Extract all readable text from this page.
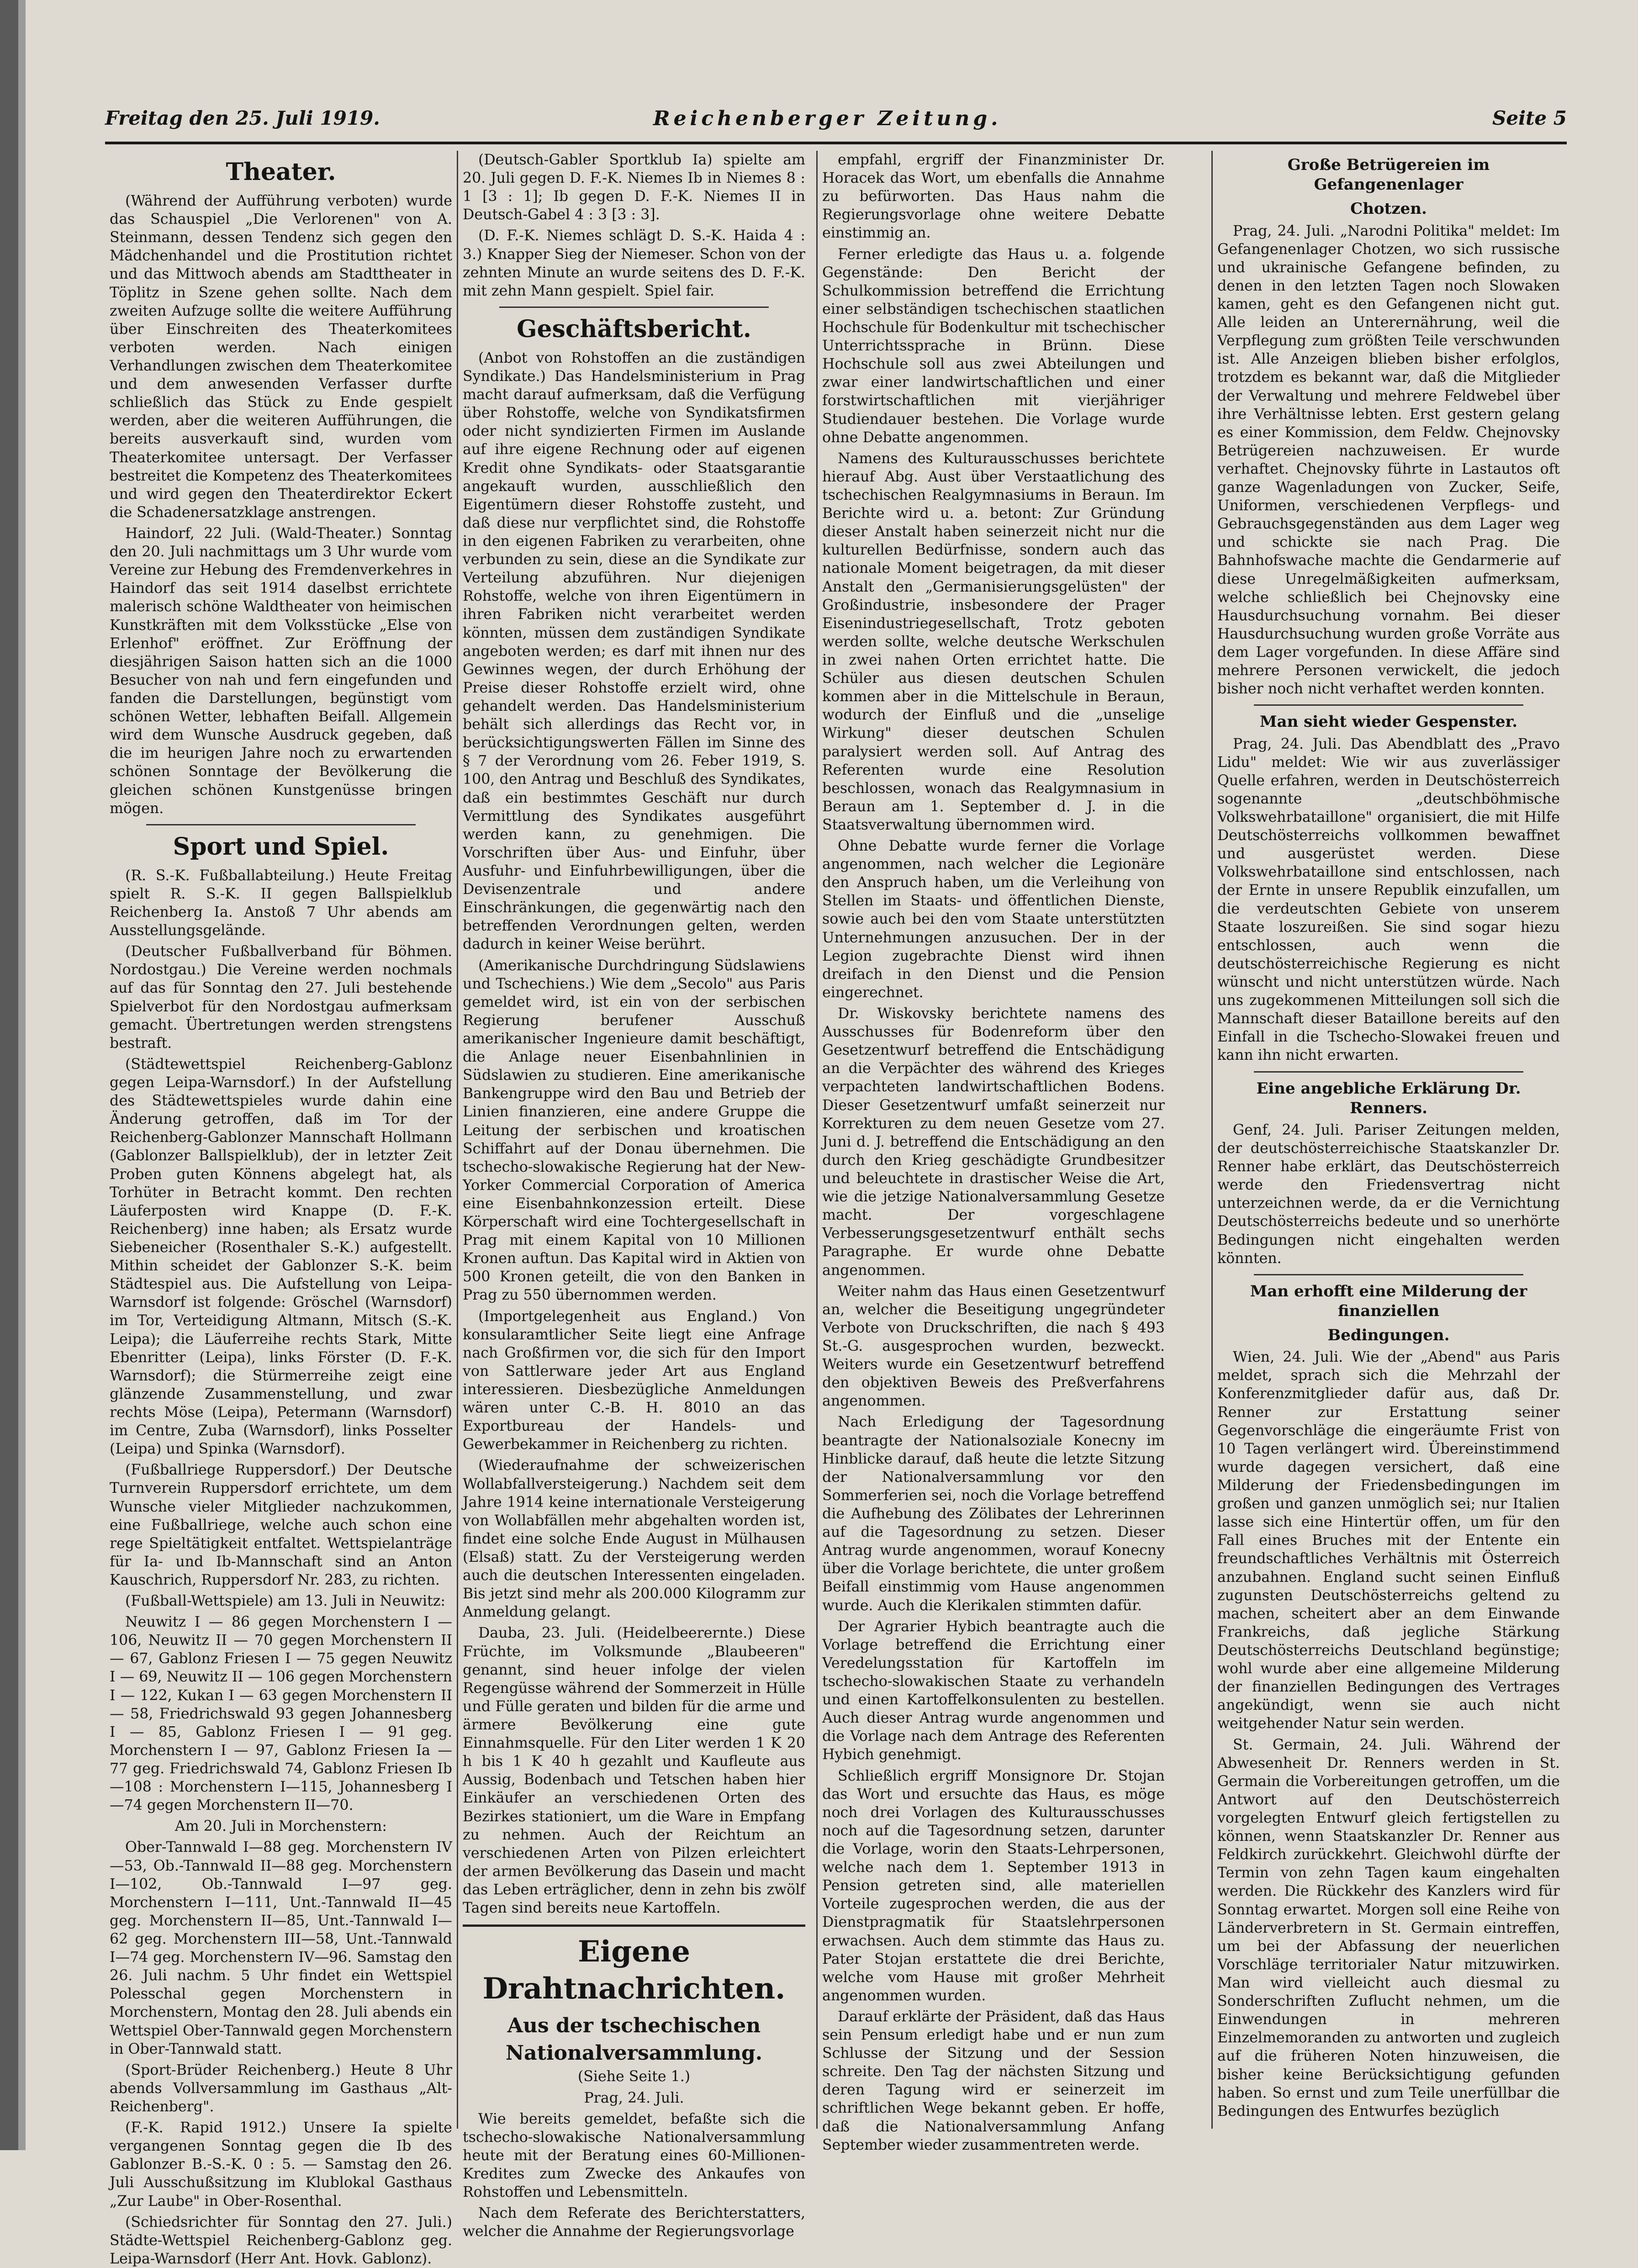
Freitag den 25. Juli 1919.	Reichenberger Zeitung.	Seite 5
Theater.

(Während der Aufführung verboten) wurde das Schauspiel „Die Verlorenen" von A. Steinmann, dessen Tendenz sich gegen den Mädchenhandel und die Prostitution richtet und das Mittwoch abends am Stadttheater in Töplitz in Szene gehen sollte. Nach dem zweiten Aufzuge sollte die weitere Aufführung über Einschreiten des Theaterkomitees verboten werden. Nach einigen Verhandlungen zwischen dem Theaterkomitee und dem anwesenden Verfasser durfte schließlich das Stück zu Ende gespielt werden, aber die weiteren Aufführungen, die bereits ausverkauft sind, wurden vom Theaterkomitee untersagt. Der Verfasser bestreitet die Kompetenz des Theaterkomitees und wird gegen den Theaterdirektor Eckert die Schadenersatzklage anstrengen.

Haindorf, 22 Juli. (Wald-Theater.) Sonntag den 20. Juli nachmittags um 3 Uhr wurde vom Vereine zur Hebung des Fremdenverkehres in Haindorf das seit 1914 daselbst errichtete malerisch schöne Waldtheater von heimischen Kunstkräften mit dem Volksstücke „Else von Erlenhof" eröffnet. Zur Eröffnung der diesjährigen Saison hatten sich an die 1000 Besucher von nah und fern eingefunden und fanden die Darstellungen, begünstigt vom schönen Wetter, lebhaften Beifall. Allgemein wird dem Wunsche Ausdruck gegeben, daß die im heurigen Jahre noch zu erwartenden schönen Sonntage der Bevölkerung die gleichen schönen Kunstgenüsse bringen mögen.

Sport und Spiel.

(R. S.-K. Fußballabteilung.) Heute Freitag spielt R. S.-K. II gegen Ballspielklub Reichenberg Ia. Anstoß 7 Uhr abends am Ausstellungsgelände.

(Deutscher Fußballverband für Böhmen. Nordostgau.) Die Vereine werden nochmals auf das für Sonntag den 27. Juli bestehende Spielverbot für den Nordostgau aufmerksam gemacht. Übertretungen werden strengstens bestraft.

(Städtewettspiel Reichenberg-Gablonz gegen Leipa-Warnsdorf.) In der Aufstellung des Städtewettspieles wurde dahin eine Änderung getroffen, daß im Tor der Reichenberg-Gablonzer Mannschaft Hollmann (Gablonzer Ballspielklub), der in letzter Zeit Proben guten Könnens abgelegt hat, als Torhüter in Betracht kommt. Den rechten Läuferposten wird Knappe (D. F.-K. Reichenberg) inne haben; als Ersatz wurde Siebeneicher (Rosenthaler S.-K.) aufgestellt. Mithin scheidet der Gablonzer S.-K. beim Städtespiel aus. Die Aufstellung von Leipa-Warnsdorf ist folgende: Gröschel (Warnsdorf) im Tor, Verteidigung Altmann, Mitsch (S.-K. Leipa); die Läuferreihe rechts Stark, Mitte Ebenritter (Leipa), links Förster (D. F.-K. Warnsdorf); die Stürmerreihe zeigt eine glänzende Zusammenstellung, und zwar rechts Möse (Leipa), Petermann (Warnsdorf) im Centre, Zuba (Warnsdorf), links Posselter (Leipa) und Spinka (Warnsdorf).

(Fußballriege Ruppersdorf.) Der Deutsche Turnverein Ruppersdorf errichtete, um dem Wunsche vieler Mitglieder nachzukommen, eine Fußballriege, welche auch schon eine rege Spieltätigkeit entfaltet. Wettspielanträge für Ia- und Ib-Mannschaft sind an Anton Kauschrich, Ruppersdorf Nr. 283, zu richten.

(Fußball-Wettspiele) am 13. Juli in Neuwitz:

Neuwitz I — 86 gegen Morchenstern I — 106, Neuwitz II — 70 gegen Morchenstern II — 67, Gablonz Friesen I — 75 gegen Neuwitz I — 69, Neuwitz II — 106 gegen Morchenstern I — 122, Kukan I — 63 gegen Morchenstern II — 58, Friedrichswald 93 gegen Johannesberg I — 85, Gablonz Friesen I — 91 geg. Morchenstern I — 97, Gablonz Friesen Ia — 77 geg. Friedrichswald 74, Gablonz Friesen Ib—108 : Morchenstern I—115, Johannesberg I—74 gegen Morchenstern II—70.

Am 20. Juli in Morchenstern:

Ober-Tannwald I—88 geg. Morchenstern IV—53, Ob.-Tannwald II—88 geg. Morchenstern I—102, Ob.-Tannwald I—97 geg. Morchenstern I—111, Unt.-Tannwald II—45 geg. Morchenstern II—85, Unt.-Tannwald I—62 geg. Morchenstern III—58, Unt.-Tannwald I—74 geg. Morchenstern IV—96. Samstag den 26. Juli nachm. 5 Uhr findet ein Wettspiel Polesschal gegen Morchenstern in Morchenstern, Montag den 28. Juli abends ein Wettspiel Ober-Tannwald gegen Morchenstern in Ober-Tannwald statt.

(Sport-Brüder Reichenberg.) Heute 8 Uhr abends Vollversammlung im Gasthaus „Alt-Reichenberg".

(F.-K. Rapid 1912.) Unsere Ia spielte vergangenen Sonntag gegen die Ib des Gablonzer B.-S.-K. 0 : 5. — Samstag den 26. Juli Ausschußsitzung im Klublokal Gasthaus „Zur Laube" in Ober-Rosenthal.

(Schiedsrichter für Sonntag den 27. Juli.) Städte-Wettspiel Reichenberg-Gablonz geg. Leipa-Warnsdorf (Herr Ant. Hovk. Gablonz).

(Deutsch-Gabler Sportklub Ia) spielte am 20. Juli gegen D. F.-K. Niemes Ib in Niemes 8 : 1 [3 : 1]; Ib gegen D. F.-K. Niemes II in Deutsch-Gabel 4 : 3 [3 : 3].

(D. F.-K. Niemes schlägt D. S.-K. Haida 4 : 3.) Knapper Sieg der Niemeser. Schon von der zehnten Minute an wurde seitens des D. F.-K. mit zehn Mann gespielt. Spiel fair.

Geschäftsbericht.

(Anbot von Rohstoffen an die zuständigen Syndikate.) Das Handelsministerium in Prag macht darauf aufmerksam, daß die Verfügung über Rohstoffe, welche von Syndikatsfirmen oder nicht syndizierten Firmen im Auslande auf ihre eigene Rechnung oder auf eigenen Kredit ohne Syndikats- oder Staatsgarantie angekauft wurden, ausschließlich den Eigentümern dieser Rohstoffe zusteht, und daß diese nur verpflichtet sind, die Rohstoffe in den eigenen Fabriken zu verarbeiten, ohne verbunden zu sein, diese an die Syndikate zur Verteilung abzuführen. Nur diejenigen Rohstoffe, welche von ihren Eigentümern in ihren Fabriken nicht verarbeitet werden könnten, müssen dem zuständigen Syndikate angeboten werden; es darf mit ihnen nur des Gewinnes wegen, der durch Erhöhung der Preise dieser Rohstoffe erzielt wird, ohne gehandelt werden. Das Handelsministerium behält sich allerdings das Recht vor, in berücksichtigungswerten Fällen im Sinne des § 7 der Verordnung vom 26. Feber 1919, S. 100, den Antrag und Beschluß des Syndikates, daß ein bestimmtes Geschäft nur durch Vermittlung des Syndikates ausgeführt werden kann, zu genehmigen. Die Vorschriften über Aus- und Einfuhr, über Ausfuhr- und Einfuhrbewilligungen, über die Devisenzentrale und andere Einschränkungen, die gegenwärtig nach den betreffenden Verordnungen gelten, werden dadurch in keiner Weise berührt.

(Amerikanische Durchdringung Südslawiens und Tschechiens.) Wie dem „Secolo" aus Paris gemeldet wird, ist ein von der serbischen Regierung berufener Ausschuß amerikanischer Ingenieure damit beschäftigt, die Anlage neuer Eisenbahnlinien in Südslawien zu studieren. Eine amerikanische Bankengruppe wird den Bau und Betrieb der Linien finanzieren, eine andere Gruppe die Leitung der serbischen und kroatischen Schiffahrt auf der Donau übernehmen. Die tschecho-slowakische Regierung hat der New-Yorker Commercial Corporation of America eine Eisenbahnkonzession erteilt. Diese Körperschaft wird eine Tochtergesellschaft in Prag mit einem Kapital von 10 Millionen Kronen auftun. Das Kapital wird in Aktien von 500 Kronen geteilt, die von den Banken in Prag zu 550 übernommen werden.

(Importgelegenheit aus England.) Von konsularamtlicher Seite liegt eine Anfrage nach Großfirmen vor, die sich für den Import von Sattlerware jeder Art aus England interessieren. Diesbezügliche Anmeldungen wären unter C.-B. H. 8010 an das Exportbureau der Handels- und Gewerbekammer in Reichenberg zu richten.

(Wiederaufnahme der schweizerischen Wollabfallversteigerung.) Nachdem seit dem Jahre 1914 keine internationale Versteigerung von Wollabfällen mehr abgehalten worden ist, findet eine solche Ende August in Mülhausen (Elsaß) statt. Zu der Versteigerung werden auch die deutschen Interessenten eingeladen. Bis jetzt sind mehr als 200.000 Kilogramm zur Anmeldung gelangt.

Dauba, 23. Juli. (Heidelbeerernte.) Diese Früchte, im Volksmunde „Blaubeeren" genannt, sind heuer infolge der vielen Regengüsse während der Sommerzeit in Hülle und Fülle geraten und bilden für die arme und ärmere Bevölkerung eine gute Einnahmsquelle. Für den Liter werden 1 K 20 h bis 1 K 40 h gezahlt und Kaufleute aus Aussig, Bodenbach und Tetschen haben hier Einkäufer an verschiedenen Orten des Bezirkes stationiert, um die Ware in Empfang zu nehmen. Auch der Reichtum an verschiedenen Arten von Pilzen erleichtert der armen Bevölkerung das Dasein und macht das Leben erträglicher, denn in zehn bis zwölf Tagen sind bereits neue Kartoffeln.

Eigene Drahtnachrichten.
Aus der tschechischen
Nationalversammlung.

(Siehe Seite 1.)

Prag, 24. Juli.

Wie bereits gemeldet, befaßte sich die tschecho-slowakische Nationalversammlung heute mit der Beratung eines 60-Millionen-Kredites zum Zwecke des Ankaufes von Rohstoffen und Lebensmitteln.

Nach dem Referate des Berichterstatters, welcher die Annahme der Regierungsvorlage

empfahl, ergriff der Finanzminister Dr. Horacek das Wort, um ebenfalls die Annahme zu befürworten. Das Haus nahm die Regierungsvorlage ohne weitere Debatte einstimmig an.

Ferner erledigte das Haus u. a. folgende Gegenstände: Den Bericht der Schulkommission betreffend die Errichtung einer selbständigen tschechischen staatlichen Hochschule für Bodenkultur mit tschechischer Unterrichtssprache in Brünn. Diese Hochschule soll aus zwei Abteilungen und zwar einer landwirtschaftlichen und einer forstwirtschaftlichen mit vierjähriger Studiendauer bestehen. Die Vorlage wurde ohne Debatte angenommen.

Namens des Kulturausschusses berichtete hierauf Abg. Aust über Verstaatlichung des tschechischen Realgymnasiums in Beraun. Im Berichte wird u. a. betont: Zur Gründung dieser Anstalt haben seinerzeit nicht nur die kulturellen Bedürfnisse, sondern auch das nationale Moment beigetragen, da mit dieser Anstalt den „Germanisierungsgelüsten" der Großindustrie, insbesondere der Prager Eisenindustriegesellschaft, Trotz geboten werden sollte, welche deutsche Werkschulen in zwei nahen Orten errichtet hatte. Die Schüler aus diesen deutschen Schulen kommen aber in die Mittelschule in Beraun, wodurch der Einfluß und die „unselige Wirkung" dieser deutschen Schulen paralysiert werden soll. Auf Antrag des Referenten wurde eine Resolution beschlossen, wonach das Realgymnasium in Beraun am 1. September d. J. in die Staatsverwaltung übernommen wird.

Ohne Debatte wurde ferner die Vorlage angenommen, nach welcher die Legionäre den Anspruch haben, um die Verleihung von Stellen im Staats- und öffentlichen Dienste, sowie auch bei den vom Staate unterstützten Unternehmungen anzusuchen. Der in der Legion zugebrachte Dienst wird ihnen dreifach in den Dienst und die Pension eingerechnet.

Dr. Wiskovsky berichtete namens des Ausschusses für Bodenreform über den Gesetzentwurf betreffend die Entschädigung an die Verpächter des während des Krieges verpachteten landwirtschaftlichen Bodens. Dieser Gesetzentwurf umfaßt seinerzeit nur Korrekturen zu dem neuen Gesetze vom 27. Juni d. J. betreffend die Entschädigung an den durch den Krieg geschädigte Grundbesitzer und beleuchtete in drastischer Weise die Art, wie die jetzige Nationalversammlung Gesetze macht. Der vorgeschlagene Verbesserungsgesetzentwurf enthält sechs Paragraphe. Er wurde ohne Debatte angenommen.

Weiter nahm das Haus einen Gesetzentwurf an, welcher die Beseitigung ungegründeter Verbote von Druckschriften, die nach § 493 St.-G. ausgesprochen wurden, bezweckt. Weiters wurde ein Gesetzentwurf betreffend den objektiven Beweis des Preßverfahrens angenommen.

Nach Erledigung der Tagesordnung beantragte der Nationalsoziale Konecny im Hinblicke darauf, daß heute die letzte Sitzung der Nationalversammlung vor den Sommerferien sei, noch die Vorlage betreffend die Aufhebung des Zölibates der Lehrerinnen auf die Tagesordnung zu setzen. Dieser Antrag wurde angenommen, worauf Konecny über die Vorlage berichtete, die unter großem Beifall einstimmig vom Hause angenommen wurde. Auch die Klerikalen stimmten dafür.

Der Agrarier Hybich beantragte auch die Vorlage betreffend die Errichtung einer Veredelungsstation für Kartoffeln im tschecho-slowakischen Staate zu verhandeln und einen Kartoffelkonsulenten zu bestellen. Auch dieser Antrag wurde angenommen und die Vorlage nach dem Antrage des Referenten Hybich genehmigt.

Schließlich ergriff Monsignore Dr. Stojan das Wort und ersuchte das Haus, es möge noch drei Vorlagen des Kulturausschusses noch auf die Tagesordnung setzen, darunter die Vorlage, worin den Staats-Lehrpersonen, welche nach dem 1. September 1913 in Pension getreten sind, alle materiellen Vorteile zugesprochen werden, die aus der Dienstpragmatik für Staatslehrpersonen erwachsen. Auch dem stimmte das Haus zu. Pater Stojan erstattete die drei Berichte, welche vom Hause mit großer Mehrheit angenommen wurden.

Darauf erklärte der Präsident, daß das Haus sein Pensum erledigt habe und er nun zum Schlusse der Sitzung und der Session schreite. Den Tag der nächsten Sitzung und deren Tagung wird er seinerzeit im schriftlichen Wege bekannt geben. Er hoffe, daß die Nationalversammlung Anfang September wieder zusammentreten werde.

Große Betrügereien im Gefangenenlager
Chotzen.

Prag, 24. Juli. „Narodni Politika" meldet: Im Gefangenenlager Chotzen, wo sich russische und ukrainische Gefangene befinden, zu denen in den letzten Tagen noch Slowaken kamen, geht es den Gefangenen nicht gut. Alle leiden an Unterernährung, weil die Verpflegung zum größten Teile verschwunden ist. Alle Anzeigen blieben bisher erfolglos, trotzdem es bekannt war, daß die Mitglieder der Verwaltung und mehrere Feldwebel über ihre Verhältnisse lebten. Erst gestern gelang es einer Kommission, dem Feldw. Chejnovsky Betrügereien nachzuweisen. Er wurde verhaftet. Chejnovsky führte in Lastautos oft ganze Wagenladungen von Zucker, Seife, Uniformen, verschiedenen Verpflegs- und Gebrauchsgegenständen aus dem Lager weg und schickte sie nach Prag. Die Bahnhofswache machte die Gendarmerie auf diese Unregelmäßigkeiten aufmerksam, welche schließlich bei Chejnovsky eine Hausdurchsuchung vornahm. Bei dieser Hausdurchsuchung wurden große Vorräte aus dem Lager vorgefunden. In diese Affäre sind mehrere Personen verwickelt, die jedoch bisher noch nicht verhaftet werden konnten.

Man sieht wieder Gespenster.

Prag, 24. Juli. Das Abendblatt des „Pravo Lidu" meldet: Wie wir aus zuverlässiger Quelle erfahren, werden in Deutschösterreich sogenannte „deutschböhmische Volkswehrbataillone" organisiert, die mit Hilfe Deutschösterreichs vollkommen bewaffnet und ausgerüstet werden. Diese Volkswehrbataillone sind entschlossen, nach der Ernte in unsere Republik einzufallen, um die verdeutschten Gebiete von unserem Staate loszureißen. Sie sind sogar hiezu entschlossen, auch wenn die deutschösterreichische Regierung es nicht wünscht und nicht unterstützen würde. Nach uns zugekommenen Mitteilungen soll sich die Mannschaft dieser Bataillone bereits auf den Einfall in die Tschecho-Slowakei freuen und kann ihn nicht erwarten.

Eine angebliche Erklärung Dr. Renners.

Genf, 24. Juli. Pariser Zeitungen melden, der deutschösterreichische Staatskanzler Dr. Renner habe erklärt, das Deutschösterreich werde den Friedensvertrag nicht unterzeichnen werde, da er die Vernichtung Deutschösterreichs bedeute und so unerhörte Bedingungen nicht eingehalten werden könnten.

Man erhofft eine Milderung der finanziellen
Bedingungen.

Wien, 24. Juli. Wie der „Abend" aus Paris meldet, sprach sich die Mehrzahl der Konferenzmitglieder dafür aus, daß Dr. Renner zur Erstattung seiner Gegenvorschläge die eingeräumte Frist von 10 Tagen verlängert wird. Übereinstimmend wurde dagegen versichert, daß eine Milderung der Friedensbedingungen im großen und ganzen unmöglich sei; nur Italien lasse sich eine Hintertür offen, um für den Fall eines Bruches mit der Entente ein freundschaftliches Verhältnis mit Österreich anzubahnen. England sucht seinen Einfluß zugunsten Deutschösterreichs geltend zu machen, scheitert aber an dem Einwande Frankreichs, daß jegliche Stärkung Deutschösterreichs Deutschland begünstige; wohl wurde aber eine allgemeine Milderung der finanziellen Bedingungen des Vertrages angekündigt, wenn sie auch nicht weitgehender Natur sein werden.

St. Germain, 24. Juli. Während der Abwesenheit Dr. Renners werden in St. Germain die Vorbereitungen getroffen, um die Antwort auf den Deutschösterreich vorgelegten Entwurf gleich fertigstellen zu können, wenn Staatskanzler Dr. Renner aus Feldkirch zurückkehrt. Gleichwohl dürfte der Termin von zehn Tagen kaum eingehalten werden. Die Rückkehr des Kanzlers wird für Sonntag erwartet. Morgen soll eine Reihe von Länderverbretern in St. Germain eintreffen, um bei der Abfassung der neuerlichen Vorschläge territorialer Natur mitzuwirken. Man wird vielleicht auch diesmal zu Sonderschriften Zuflucht nehmen, um die Einwendungen in mehreren Einzelmemoranden zu antworten und zugleich auf die früheren Noten hinzuweisen, die bisher keine Berücksichtigung gefunden haben. So ernst und zum Teile unerfüllbar die Bedingungen des Entwurfes bezüglich
